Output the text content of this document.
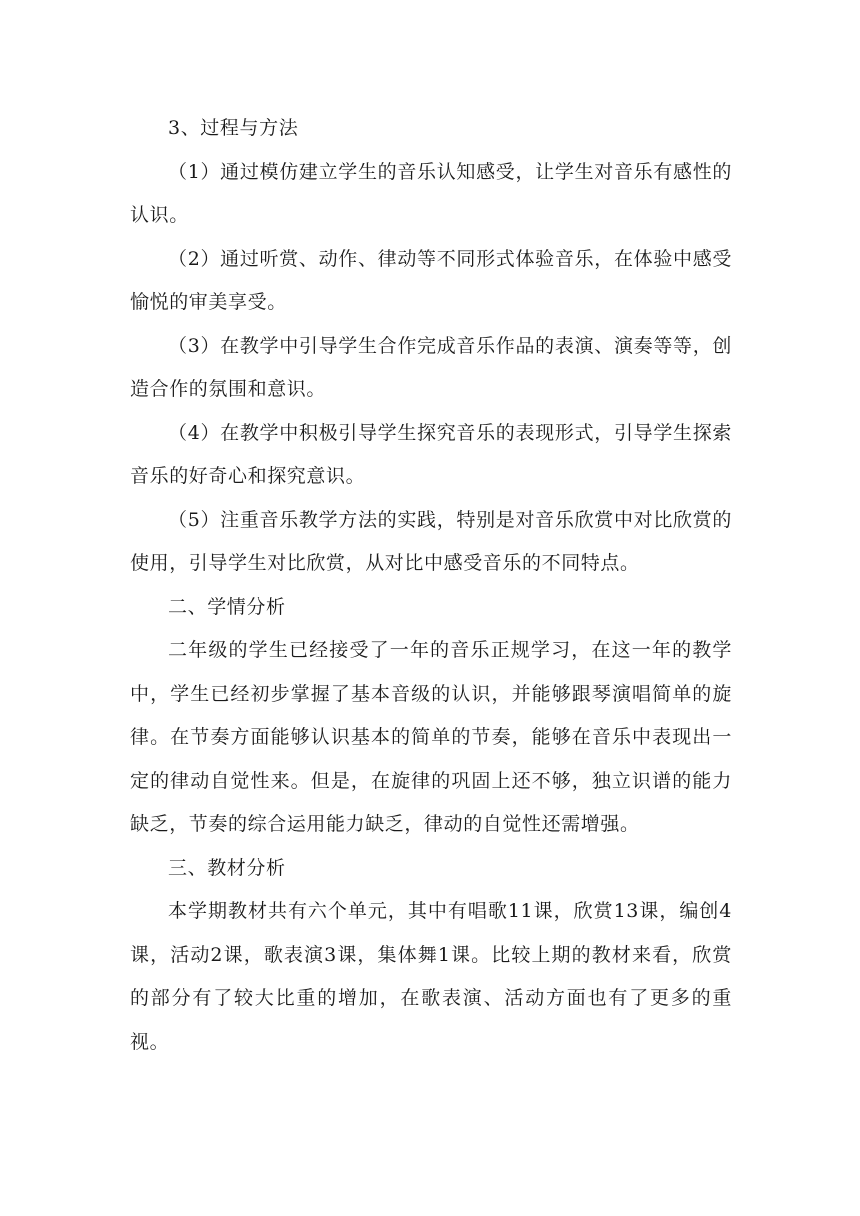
3、过程与方法

（1）通过模仿建立学生的音乐认知感受，让学生对音乐有感性的认识。

（2）通过听赏、动作、律动等不同形式体验音乐，在体验中感受愉悦的审美享受。

（3）在教学中引导学生合作完成音乐作品的表演、演奏等等，创造合作的氛围和意识。

（4）在教学中积极引导学生探究音乐的表现形式，引导学生探索音乐的好奇心和探究意识。

（5）注重音乐教学方法的实践，特别是对音乐欣赏中对比欣赏的使用，引导学生对比欣赏，从对比中感受音乐的不同特点。

二、学情分析

二年级的学生已经接受了一年的音乐正规学习，在这一年的教学中，学生已经初步掌握了基本音级的认识，并能够跟琴演唱简单的旋律。在节奏方面能够认识基本的简单的节奏，能够在音乐中表现出一定的律动自觉性来。但是，在旋律的巩固上还不够，独立识谱的能力缺乏，节奏的综合运用能力缺乏，律动的自觉性还需增强。

三、教材分析

本学期教材共有六个单元，其中有唱歌11课，欣赏13课，编创4课，活动2课，歌表演3课，集体舞1课。比较上期的教材来看，欣赏的部分有了较大比重的增加，在歌表演、活动方面也有了更多的重视。
